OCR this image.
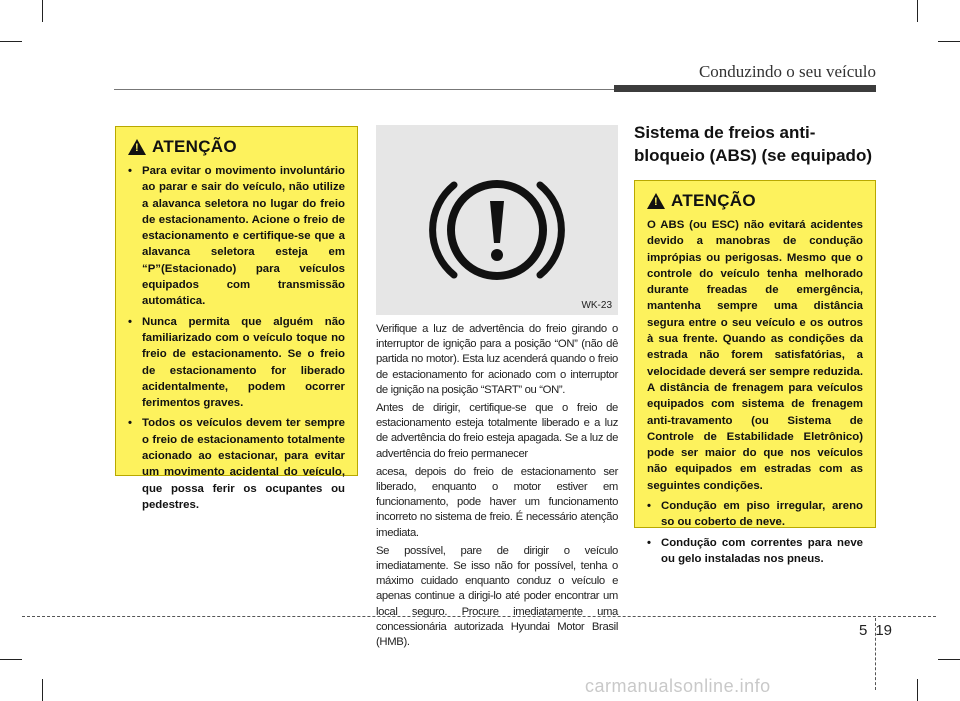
Conduzindo o seu veículo
!
ATENÇÃO
• Para evitar o movimento involuntário ao parar e sair do veículo, não utilize a alavanca seletora no lugar do freio de estacionamento. Acione o freio de estacionamento e certifique-se que a alavanca seletora esteja em “P”(Estacionado) para veículos equipados com transmissão automática.
• Nunca permita que alguém não familiarizado com o veículo toque no freio de estacionamento. Se o freio de estacionamento for liberado acidentalmente, podem ocorrer ferimentos graves.
• Todos os veículos devem ter sempre o freio de estacionamento totalmente acionado ao estacionar, para evitar um movimento acidental do veículo, que possa ferir os ocupantes ou pedestres.
WK-23

Verifique a luz de advertência do freio girando o interruptor de ignição para a posição “ON” (não dê partida no motor). Esta luz acenderá quando o freio de estacionamento for acionado com o interruptor de ignição na posição “START” ou “ON”.

Antes de dirigir, certifique-se que o freio de estacionamento esteja totalmente liberado e a luz de advertência do freio esteja apagada. Se a luz de advertência do freio permanecer

acesa, depois do freio de estacionamento ser liberado, enquanto o motor estiver em funcionamento, pode haver um funcionamento incorreto no sistema de freio. É necessário atenção imediata.

Se possível, pare de dirigir o veículo imediatamente. Se isso não for possível, tenha o máximo cuidado enquanto conduz o veículo e apenas continue a dirigi-lo até poder encontrar um local seguro. Procure imediatamente uma concessionária autorizada Hyundai Motor Brasil (HMB).

Sistema de freios anti-bloqueio (ABS) (se equipado)
!
ATENÇÃO

O ABS (ou ESC) não evitará acidentes devido a manobras de condução imprópias ou perigosas. Mesmo que o controle do veículo tenha melhorado durante freadas de emergência, mantenha sempre uma distância segura entre o seu veículo e os outros à sua frente. Quando as condições da estrada não forem satisfatórias, a velocidade deverá ser sempre reduzida. A distância de frenagem para veículos equipados com sistema de frenagem anti-travamento (ou Sistema de Controle de Estabilidade Eletrônico) pode ser maior do que nos veículos não equipados em estradas com as seguintes condições.

• Condução em piso irregular, areno so ou coberto de neve.
• Condução com correntes para neve ou gelo instaladas nos pneus.
5 19
carmanualsonline.info
